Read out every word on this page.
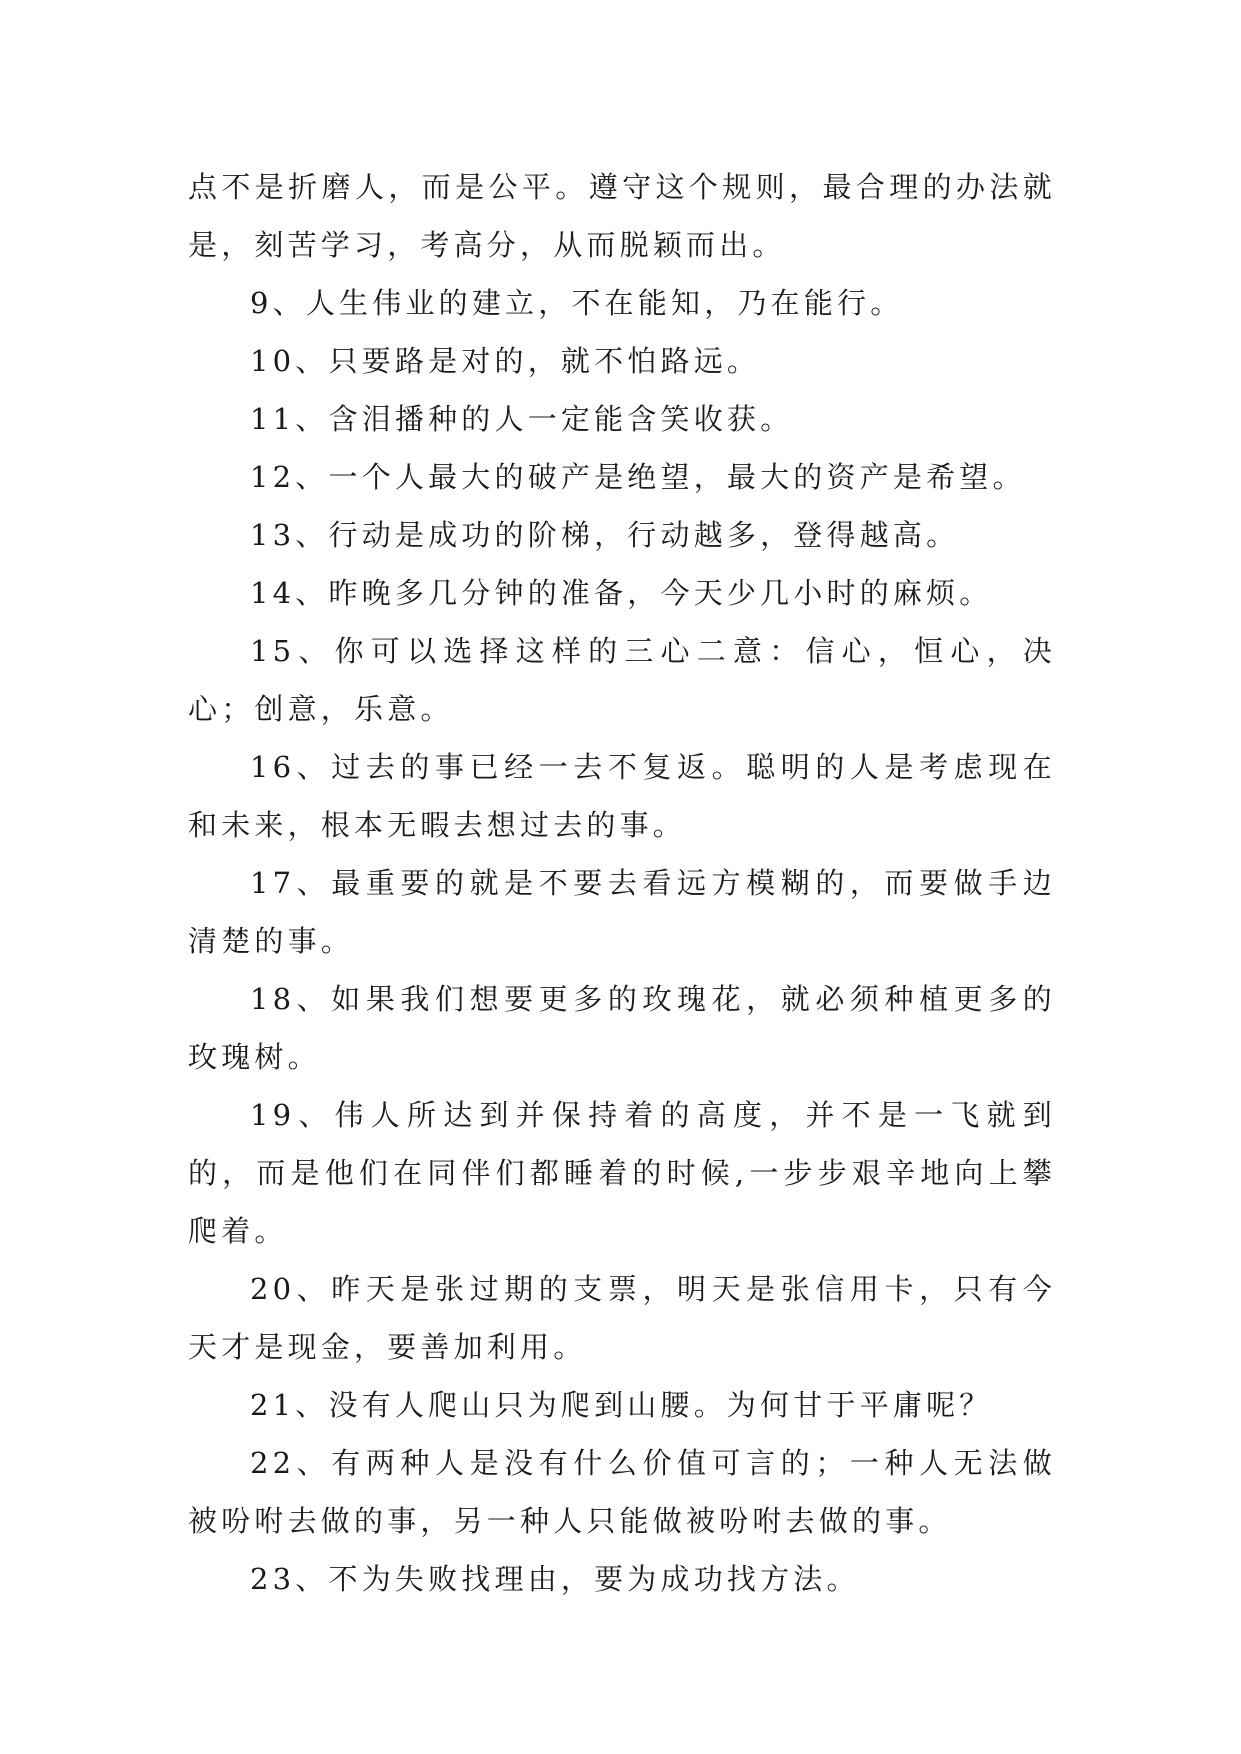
点不是折磨人，而是公平。遵守这个规则，最合理的办法就是，刻苦学习，考高分，从而脱颖而出。

9、人生伟业的建立，不在能知，乃在能行。

10、只要路是对的，就不怕路远。

11、含泪播种的人一定能含笑收获。

12、一个人最大的破产是绝望，最大的资产是希望。

13、行动是成功的阶梯，行动越多，登得越高。

14、昨晚多几分钟的准备，今天少几小时的麻烦。

15、你可以选择这样的三心二意：信心，恒心，决心；创意，乐意。

16、过去的事已经一去不复返。聪明的人是考虑现在和未来，根本无暇去想过去的事。

17、最重要的就是不要去看远方模糊的，而要做手边清楚的事。

18、如果我们想要更多的玫瑰花，就必须种植更多的玫瑰树。

19、伟人所达到并保持着的高度，并不是一飞就到的，而是他们在同伴们都睡着的时候,一步步艰辛地向上攀爬着。

20、昨天是张过期的支票，明天是张信用卡，只有今天才是现金，要善加利用。

21、没有人爬山只为爬到山腰。为何甘于平庸呢？

22、有两种人是没有什么价值可言的；一种人无法做被吩咐去做的事，另一种人只能做被吩咐去做的事。

23、不为失败找理由，要为成功找方法。
